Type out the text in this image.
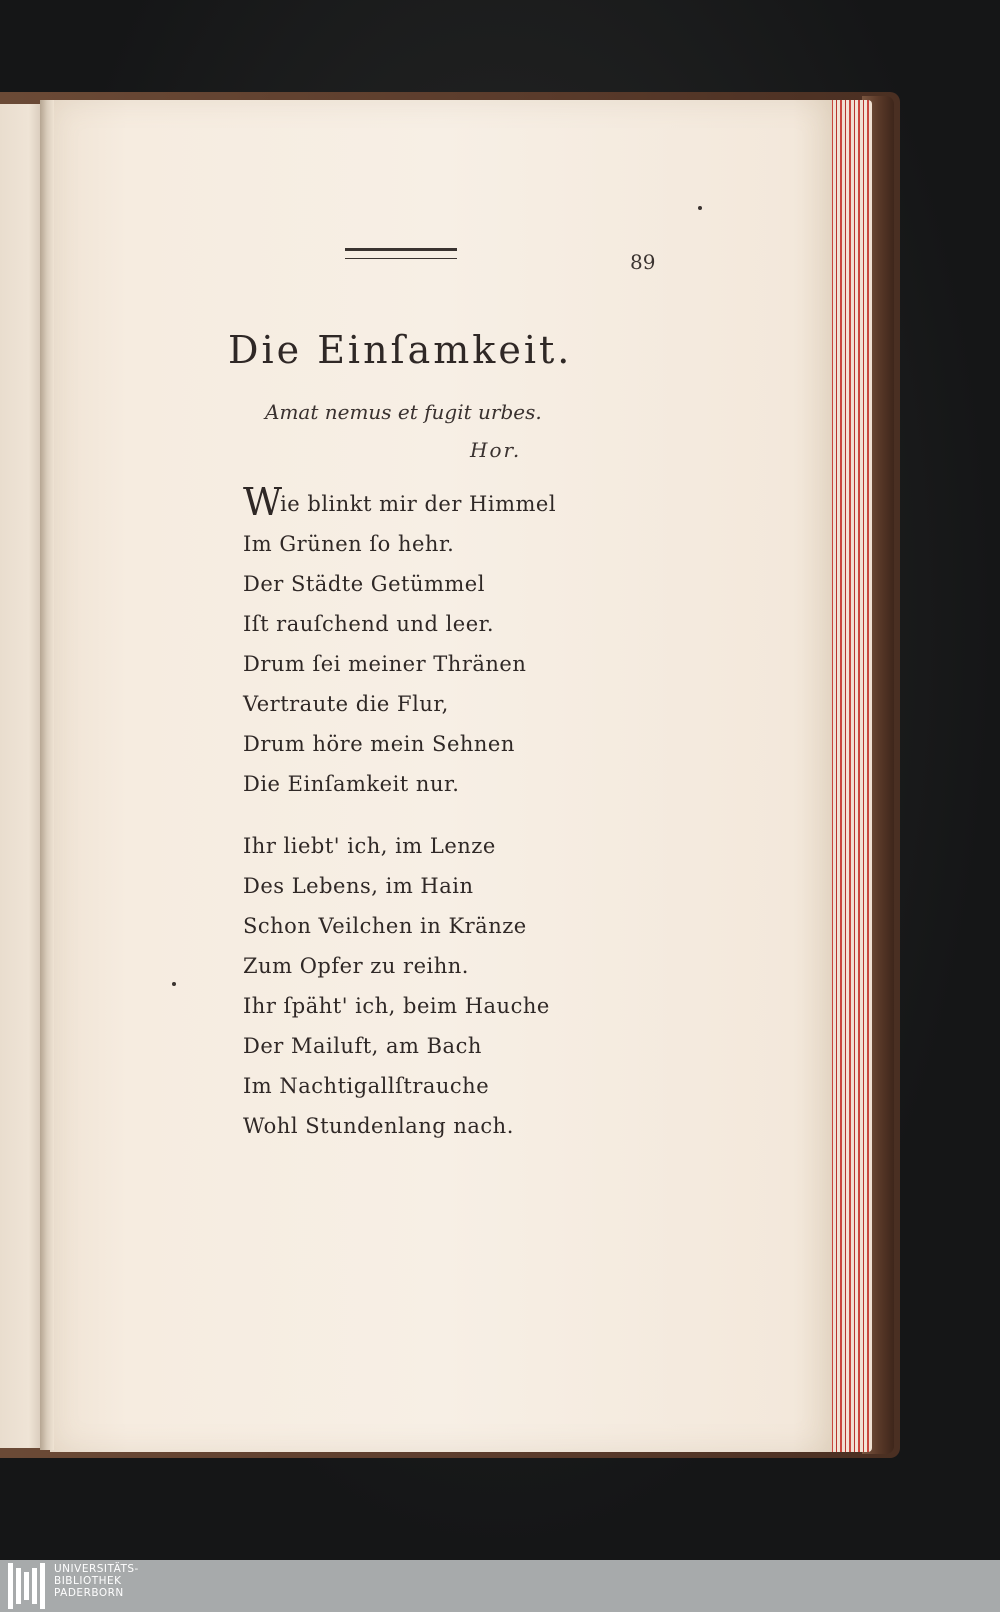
89
Die Einſamkeit.
Amat nemus et fugit urbes.
Hor.
Wie blinkt mir der Himmel
Im Grünen ſo hehr.
Der Städte Getümmel
Iſt rauſchend und leer.
Drum ſei meiner Thränen
Vertraute die Flur,
Drum höre mein Sehnen
Die Einſamkeit nur.
Ihr liebt' ich, im Lenze
Des Lebens, im Hain
Schon Veilchen in Kränze
Zum Opfer zu reihn.
Ihr ſpäht' ich, beim Hauche
Der Mailuft, am Bach
Im Nachtigallſtrauche
Wohl Stundenlang nach.
UNIVERSITÄTS-
BIBLIOTHEK
PADERBORN
